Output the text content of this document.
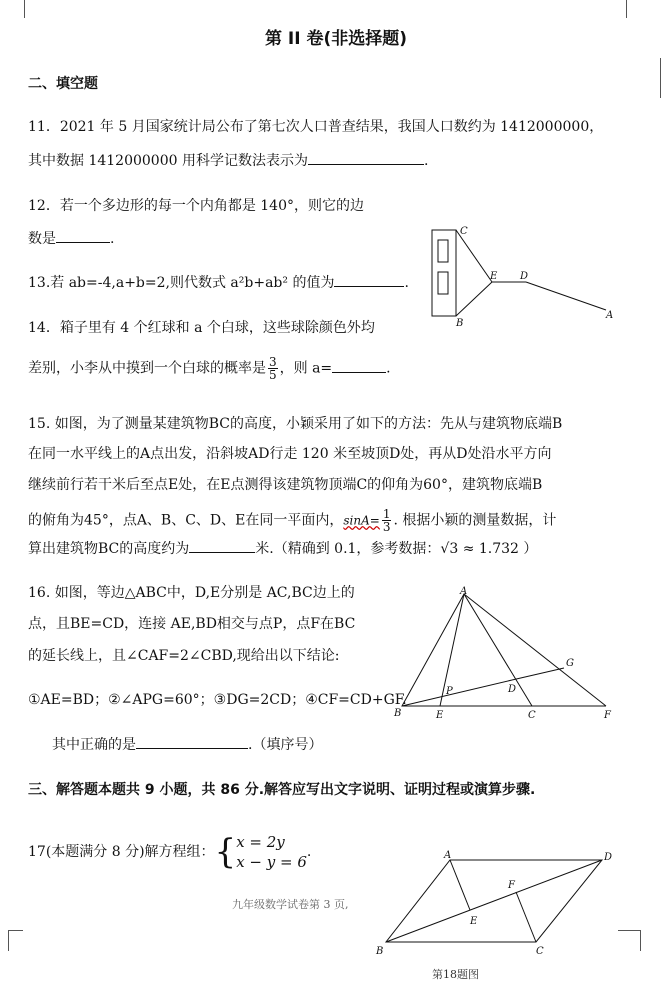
第 II 卷(非选择题)
二、填空题
11．2021 年 5 月国家统计局公布了第七次人口普查结果，我国人口数约为 1412000000，
其中数据 1412000000 用科学记数法表示为	.
12．若一个多边形的每一个内角都是 140°，则它的边
数是	.
13.若 ab=-4,a+b=2,则代数式 a²b+ab² 的值为	.
14．箱子里有 4 个红球和 a 个白球，这些球除颜色外均
差别，小李从中摸到一个白球的概率是 $\frac{3}{5}$ ，则 a=	.
C
E D
B
A
15. 如图，为了测量某建筑物BC的高度，小颖采用了如下的方法：先从与建筑物底端B
在同一水平线上的A点出发，沿斜坡AD行走 120 米至坡顶D处，再从D处沿水平方向
继续前行若干米后至点E处，在E点测得该建筑物顶端C的仰角为60°，建筑物底端B
的俯角为45°，点A、B、C、D、E在同一平面内，$\sin A= \frac{1}{3}$ . 根据小颖的测量数据，计
算出建筑物BC的高度约为	米.（精确到 0.1，参考数据：√3 ≈ 1.732 ）
16. 如图，等边△ABC中，D,E分别是 AC,BC边上的
点，且BE=CD，连接 AE,BD相交与点P，点F在BC
的延长线上，且∠CAF=2∠CBD,现给出以下结论:
①AE=BD；②∠APG=60°；③DG=2CD；④CF=CD+GF.
其中正确的是	.（填序号）
A
G
P	D
B	E	C	F
三、解答题本题共 9 小题，共 86 分.解答应写出文字说明、证明过程或演算步骤.
17(本题满分 8 分)解方程组：{ x = 2y
x − y = 6
.
九年级数学试卷第 3 页,
A	D
F
E
B	C
第18题图
